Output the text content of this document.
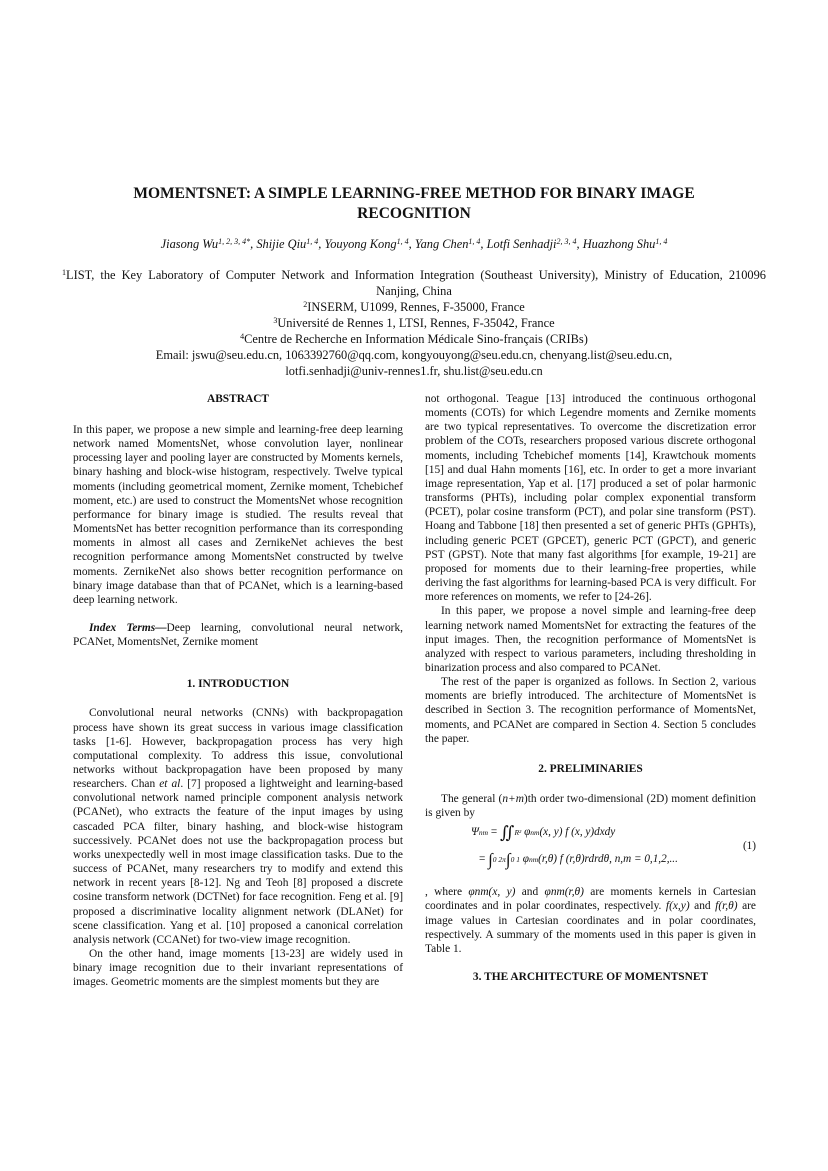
MOMENTSNET: A SIMPLE LEARNING-FREE METHOD FOR BINARY IMAGE
RECOGNITION
Jiasong $Wu^{1, 2, 3, 4*}$, Shijie Qiu$^{1, 4}$, Youyong Kong$^{1, 4}$, Yang Chen$^{1, 4}$, Lotfi Senhadji$^{2, 3, 4}$, Huazhong Shu$^{1, 4}$
$^1$LIST, the Key Laboratory of Computer Network and Information Integration (Southeast University), Ministry of Education, 210096 Nanjing, China
$^2$INSERM, U1099, Rennes, F-35000, France
$^3$Université de Rennes 1, LTSI, Rennes, F-35042, France
$^4$Centre de Recherche en Information Médicale Sino-français (CRIBs)
Email: jswu@seu.edu.cn, 1063392760@qq.com, kongyouyong@seu.edu.cn, chenyang.list@seu.edu.cn,
lotfi.senhadji@univ-rennes1.fr, shu.list@seu.edu.cn
ABSTRACT

In this paper, we propose a new simple and learning-free deep learning network named MomentsNet, whose convolution layer, nonlinear processing layer and pooling layer are constructed by Moments kernels, binary hashing and block-wise histogram, respectively. Twelve typical moments (including geometrical moment, Zernike moment, Tchebichef moment, etc.) are used to construct the MomentsNet whose recognition performance for binary image is studied. The results reveal that MomentsNet has better recognition performance than its corresponding moments in almost all cases and ZernikeNet achieves the best recognition performance among MomentsNet constructed by twelve moments. ZernikeNet also shows better recognition performance on binary image database than that of PCANet, which is a learning-based deep learning network.

Index Terms—Deep learning, convolutional neural network, PCANet, MomentsNet, Zernike moment

1. INTRODUCTION

Convolutional neural networks (CNNs) with backpropagation process have shown its great success in various image classification tasks [1-6]. However, backpropagation process has very high computational complexity. To address this issue, convolutional networks without backpropagation have been proposed by many researchers. Chan et al. [7] proposed a lightweight and learning-based convolutional network named principle component analysis network (PCANet), who extracts the feature of the input images by using cascaded PCA filter, binary hashing, and block-wise histogram successively. PCANet does not use the backpropagation process but works unexpectedly well in most image classification tasks. Due to the success of PCANet, many researchers try to modify and extend this network in recent years [8-12]. Ng and Teoh [8] proposed a discrete cosine transform network (DCTNet) for face recognition. Feng et al. [9] proposed a discriminative locality alignment network (DLANet) for scene classification. Yang et al. [10] proposed a canonical correlation analysis network (CCANet) for two-view image recognition.

On the other hand, image moments [13-23] are widely used in binary image recognition due to their invariant representations of images. Geometric moments are the simplest moments but they are

not orthogonal. Teague [13] introduced the continuous orthogonal moments (COTs) for which Legendre moments and Zernike moments are two typical representatives. To overcome the discretization error problem of the COTs, researchers proposed various discrete orthogonal moments, including Tchebichef moments [14], Krawtchouk moments [15] and dual Hahn moments [16], etc. In order to get a more invariant image representation, Yap et al. [17] produced a set of polar harmonic transforms (PHTs), including polar complex exponential transform (PCET), polar cosine transform (PCT), and polar sine transform (PST). Hoang and Tabbone [18] then presented a set of generic PHTs (GPHTs), including generic PCET (GPCET), generic PCT (GPCT), and generic PST (GPST). Note that many fast algorithms [for example, 19-21] are proposed for moments due to their learning-free properties, while deriving the fast algorithms for learning-based PCA is very difficult. For more references on moments, we refer to [24-26].

In this paper, we propose a novel simple and learning-free deep learning network named MomentsNet for extracting the features of the input images. Then, the recognition performance of MomentsNet is analyzed with respect to various parameters, including thresholding in binarization process and also compared to PCANet.

The rest of the paper is organized as follows. In Section 2, various moments are briefly introduced. The architecture of MomentsNet is described in Section 3. The recognition performance of MomentsNet, moments, and PCANet are compared in Section 4. Section 5 concludes the paper.

2. PRELIMINARIES

The general (n+m)th order two-dimensional (2D) moment definition is given by

Ψnm = ∬R² φnm(x, y) f (x, y)dxdy
= ∫0 2π∫0 1 φnm(r,θ) f (r,θ)rdrdθ, n,m = 0,1,2,...
(1)

, where φnm(x, y) and φnm(r,θ) are moments kernels in Cartesian coordinates and in polar coordinates, respectively. f(x,y) and f(r,θ) are image values in Cartesian coordinates and in polar coordinates, respectively. A summary of the moments used in this paper is given in Table 1.

3. THE ARCHITECTURE OF MOMENTSNET
